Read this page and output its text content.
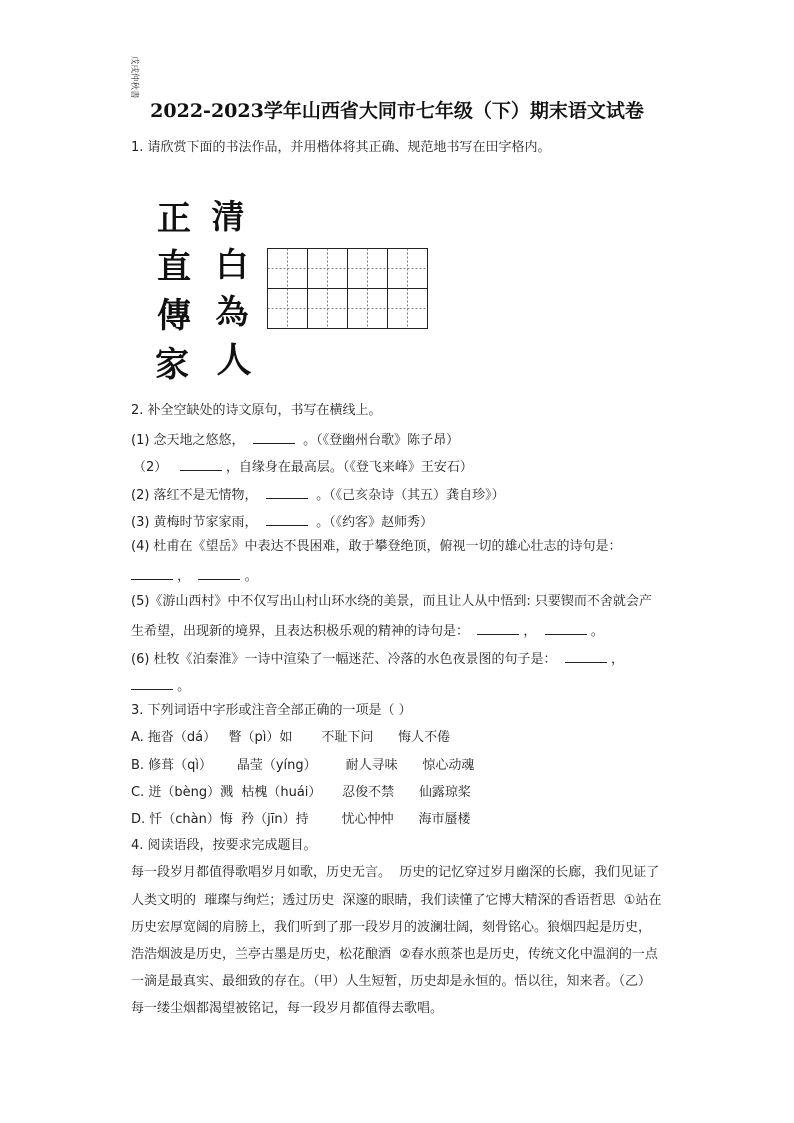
2022-2023学年山西省大同市七年级（下）期末语文试卷
1. 请欣赏下面的书法作品，并用楷体将其正确、规范地书写在田字格内。
清
白
為
人
正
直
傳
家
戊戌仲秋書
2. 补全空缺处的诗文原句，书写在横线上。
(1) 念天地之悠悠，	。（《登幽州台歌》陈子昂）
（2）	，自缘身在最高层。（《登飞来峰》王安石）
(2) 落红不是无情物，	。（《己亥杂诗（其五）龚自珍》）
(3) 黄梅时节家家雨，	。（《约客》赵师秀）
(4) 杜甫在《望岳》中表达不畏困难，敢于攀登绝顶，俯视一切的雄心壮志的诗句是：
，	。
(5)《游山西村》中不仅写出山村山环水绕的美景，而且让人从中悟到: 只要锲而不舍就会产
生希望，出现新的境界，且表达积极乐观的精神的诗句是：	，	。
(6) 杜牧《泊秦淮》一诗中渲染了一幅迷茫、冷落的水色夜景图的句子是：	，
。
3. 下列词语中字形或注音全部正确的一项是（ ）
A. 拖沓（dá）   瞥（pì）如       不耻下问      悔人不倦
B. 修葺（qì）      晶莹（yíng）       耐人寻味      惊心动魂
C. 迸（bèng）溅  枯槐（huái）     忍俊不禁      仙露琼桨
D. 忏（chàn）悔  矜（jīn）持        忧心忡忡      海市蜃楼
4. 阅读语段，按要求完成题目。
每一段岁月都值得歌唱岁月如歌，历史无言。  历史的记忆穿过岁月幽深的长廊，我们见证了
人类文明的  璀璨与绚烂；透过历史  深邃的眼睛，我们读懂了它博大精深的香语哲思  ①站在
历史宏厚宽阔的肩膀上，我们听到了那一段岁月的波澜壮阔，刻骨铭心。狼烟四起是历史，
浩浩烟波是历史，兰亭古墨是历史，松花酿酒  ②春水煎茶也是历史，传统文化中温润的一点
一滴是最真实、最细致的存在。（甲）人生短暂，历史却是永恒的。悟以往，知来者。（乙）
每一缕尘烟都渴望被铭记，每一段岁月都值得去歌唱。
